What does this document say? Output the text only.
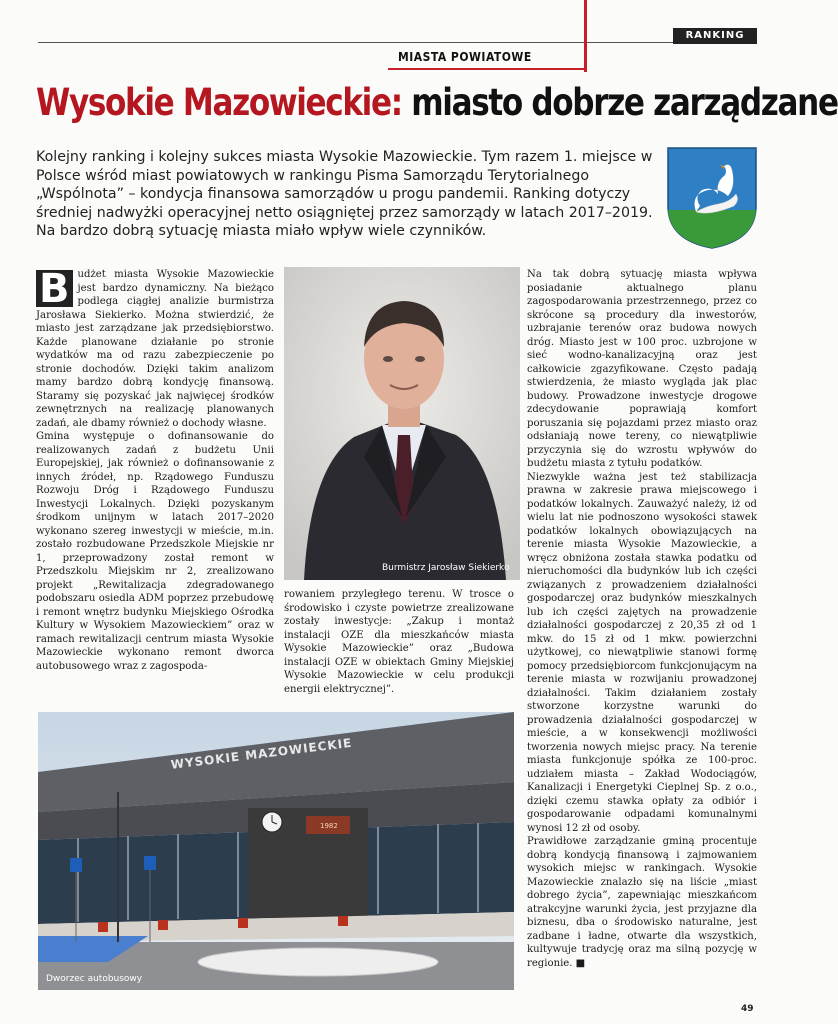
RANKING
MIASTA POWIATOWE
Wysokie Mazowieckie: miasto dobrze zarządzane
Kolejny ranking i kolejny sukces miasta Wysokie Mazowieckie. Tym razem 1. miejsce w Polsce wśród miast powiatowych w rankingu Pisma Samorządu Terytorialnego „Wspólnota” – kondycja finansowa samorządów u progu pandemii. Ranking dotyczy średniej nadwyżki operacyjnej netto osiągniętej przez samorządy w latach 2017–2019. Na bardzo dobrą sytuację miasta miało wpływ wiele czynników.
B udżet miasta Wysokie Mazowieckie jest bardzo dynamiczny. Na bieżąco podlega ciągłej analizie burmistrza Jarosława Siekierko. Można stwierdzić, że miasto jest zarządzane jak przedsiębiorstwo. Każde planowane działanie po stronie wydatków ma od razu zabezpieczenie po stronie dochodów. Dzięki takim analizom mamy bardzo dobrą kondycję finansową. Staramy się pozyskać jak najwięcej środków zewnętrznych na realizację planowanych zadań, ale dbamy również o dochody własne.

Gmina występuje o dofinansowanie do realizowanych zadań z budżetu Unii Europejskiej, jak również o dofinansowanie z innych źródeł, np. Rządowego Funduszu Rozwoju Dróg i Rządowego Funduszu Inwestycji Lokalnych. Dzięki pozyskanym środkom unijnym w latach 2017–2020 wykonano szereg inwestycji w mieście, m.in. zostało rozbudowane Przedszkole Miejskie nr 1, przeprowadzony został remont w Przedszkolu Miejskim nr 2, zrealizowano projekt „Rewitalizacja zdegradowanego podobszaru osiedla ADM poprzez przebudowę i remont wnętrz budynku Miejskiego Ośrodka Kultury w Wysokiem Mazowieckiem” oraz w ramach rewitalizacji centrum miasta Wysokie Mazowieckie wykonano remont dworca autobusowego wraz z zagospoda-

Burmistrz Jarosław Siekierko

rowaniem przyległego terenu. W trosce o środowisko i czyste powietrze zrealizowane zostały inwestycje: „Zakup i montaż instalacji OZE dla mieszkańców miasta Wysokie Mazowieckie” oraz „Budowa instalacji OZE w obiektach Gminy Miejskiej Wysokie Mazowieckie w celu produkcji energii elektrycznej”.

WYSOKIE MAZOWIECKIE
1982
Dworzec autobusowy

Na tak dobrą sytuację miasta wpływa posiadanie aktualnego planu zagospodarowania przestrzennego, przez co skrócone są procedury dla inwestorów, uzbrajanie terenów oraz budowa nowych dróg. Miasto jest w 100 proc. uzbrojone w sieć wodno-kanalizacyjną oraz jest całkowicie zgazyfikowane. Często padają stwierdzenia, że miasto wygląda jak plac budowy. Prowadzone inwestycje drogowe zdecydowanie poprawiają komfort poruszania się pojazdami przez miasto oraz odsłaniają nowe tereny, co niewątpliwie przyczynia się do wzrostu wpływów do budżetu miasta z tytułu podatków.

Niezwykle ważna jest też stabilizacja prawna w zakresie prawa miejscowego i podatków lokalnych. Zauważyć należy, iż od wielu lat nie podnoszono wysokości stawek podatków lokalnych obowiązujących na terenie miasta Wysokie Mazowieckie, a wręcz obniżona została stawka podatku od nieruchomości dla budynków lub ich części związanych z prowadzeniem działalności gospodarczej oraz budynków mieszkalnych lub ich części zajętych na prowadzenie działalności gospodarczej z 20,35 zł od 1 mkw. do 15 zł od 1 mkw. powierzchni użytkowej, co niewątpliwie stanowi formę pomocy przedsiębiorcom funkcjonującym na terenie miasta w rozwijaniu prowadzonej działalności. Takim działaniem zostały stworzone korzystne warunki do prowadzenia działalności gospodarczej w mieście, a w konsekwencji możliwości tworzenia nowych miejsc pracy. Na terenie miasta funkcjonuje spółka ze 100-proc. udziałem miasta – Zakład Wodociągów, Kanalizacji i Energetyki Cieplnej Sp. z o.o., dzięki czemu stawka opłaty za odbiór i gospodarowanie odpadami komunalnymi wynosi 12 zł od osoby.

Prawidłowe zarządzanie gminą procentuje dobrą kondycją finansową i zajmowaniem wysokich miejsc w rankingach. Wysokie Mazowieckie znalazło się na liście „miast dobrego życia”, zapewniając mieszkańcom atrakcyjne warunki życia, jest przyjazne dla biznesu, dba o środowisko naturalne, jest zadbane i ładne, otwarte dla wszystkich, kultywuje tradycję oraz ma silną pozycję w regionie. ■

49
